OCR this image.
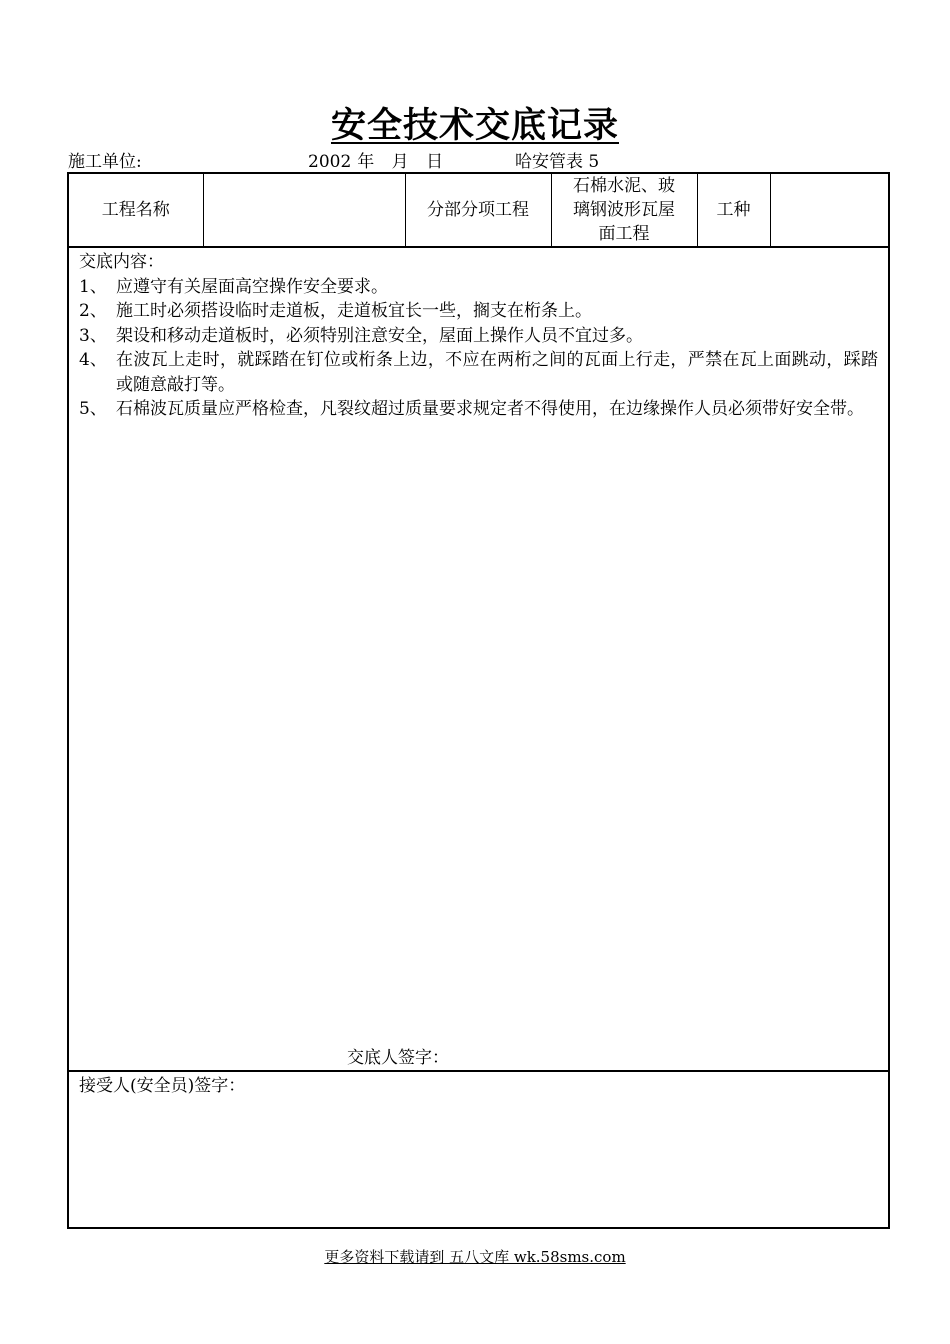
安全技术交底记录
施工单位:	2002 年 月 日	哈安管表 5
工程名称		分部分项工程	石棉水泥、玻璃钢波形瓦屋面工程	工种	

交底内容：
1、 应遵守有关屋面高空操作安全要求。
2、 施工时必须搭设临时走道板，走道板宜长一些，搁支在桁条上。
3、 架设和移动走道板时，必须特别注意安全，屋面上操作人员不宜过多。
4、 在波瓦上走时，就踩踏在钉位或桁条上边，不应在两桁之间的瓦面上行走，严禁在瓦上面跳动，踩踏或随意敲打等。
5、 石棉波瓦质量应严格检查，凡裂纹超过质量要求规定者不得使用，在边缘操作人员必须带好安全带。
交底人签字：

接受人(安全员)签字：
更多资料下载请到 五八文库 wk.58sms.com
